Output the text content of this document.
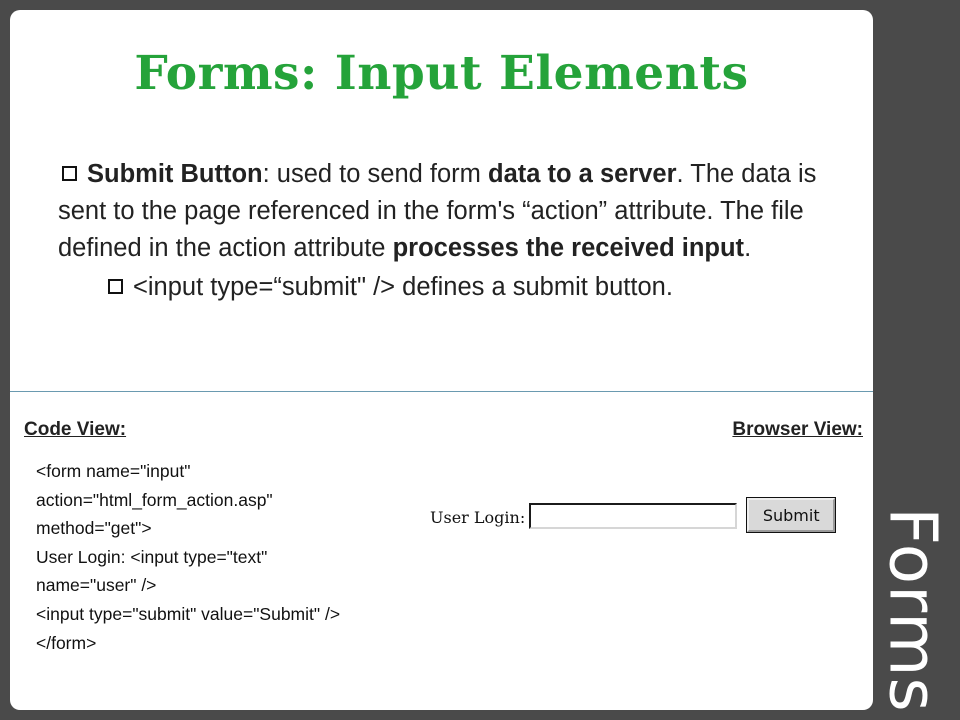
Forms: Input Elements
Submit Button: used to send form data to a server. The data is sent to the page referenced in the form's “action” attribute. The file defined in the action attribute processes the received input.
<input type=“submit" /> defines a submit button.
Code View:	Browser View:
<form name="input"
action="html_form_action.asp"
method="get">
User Login: <input type="text"
name="user" />
<input type="submit" value="Submit" />
</form>
User Login:	Submit Forms
